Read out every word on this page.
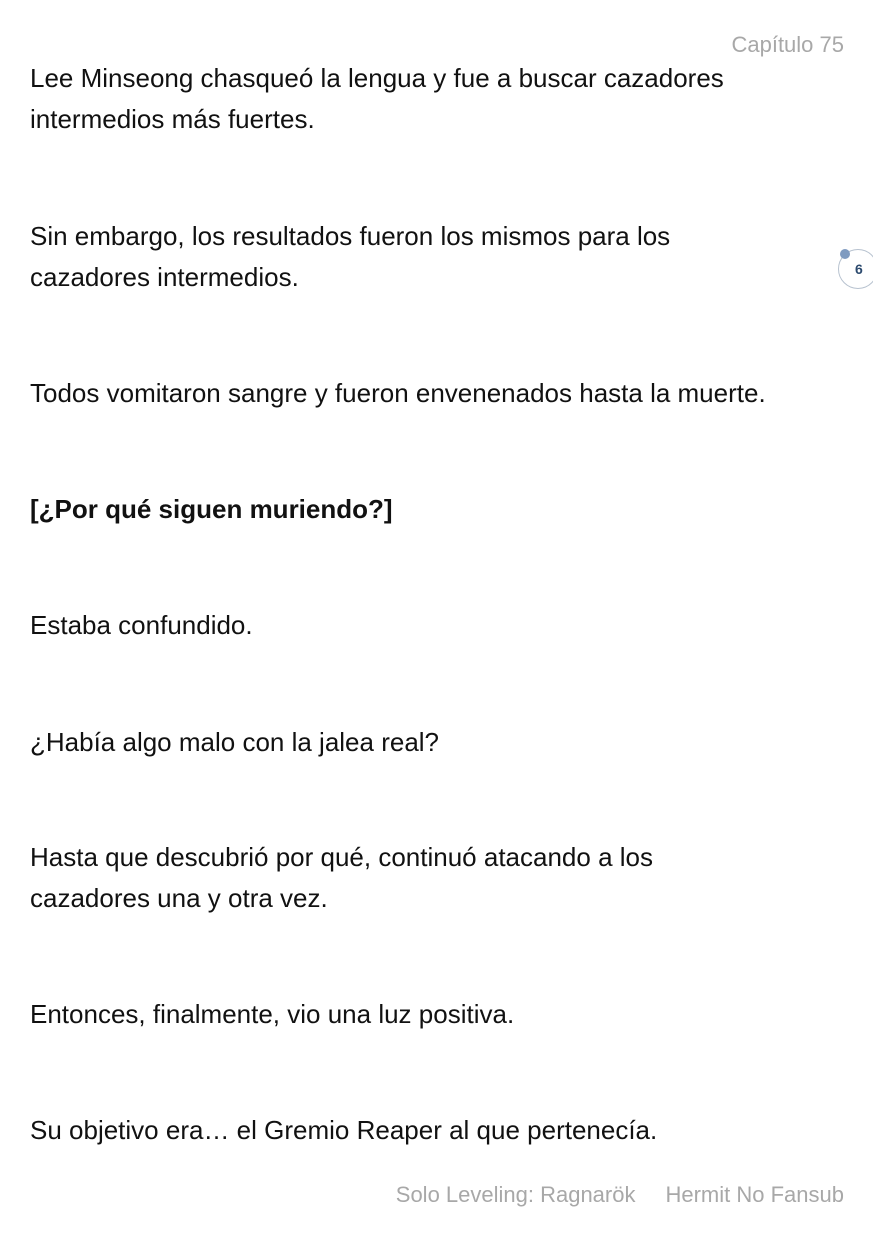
Capítulo 75

Lee Minseong chasqueó la lengua y fue a buscar cazadores intermedios más fuertes.

Sin embargo, los resultados fueron los mismos para los cazadores intermedios.

Todos vomitaron sangre y fueron envenenados hasta la muerte.

[¿Por qué siguen muriendo?]

Estaba confundido.

¿Había algo malo con la jalea real?

Hasta que descubrió por qué, continuó atacando a los cazadores una y otra vez.

Entonces, finalmente, vio una luz positiva.

Su objetivo era… el Gremio Reaper al que pertenecía.

6
Solo Leveling: Ragnarök Hermit No Fansub
